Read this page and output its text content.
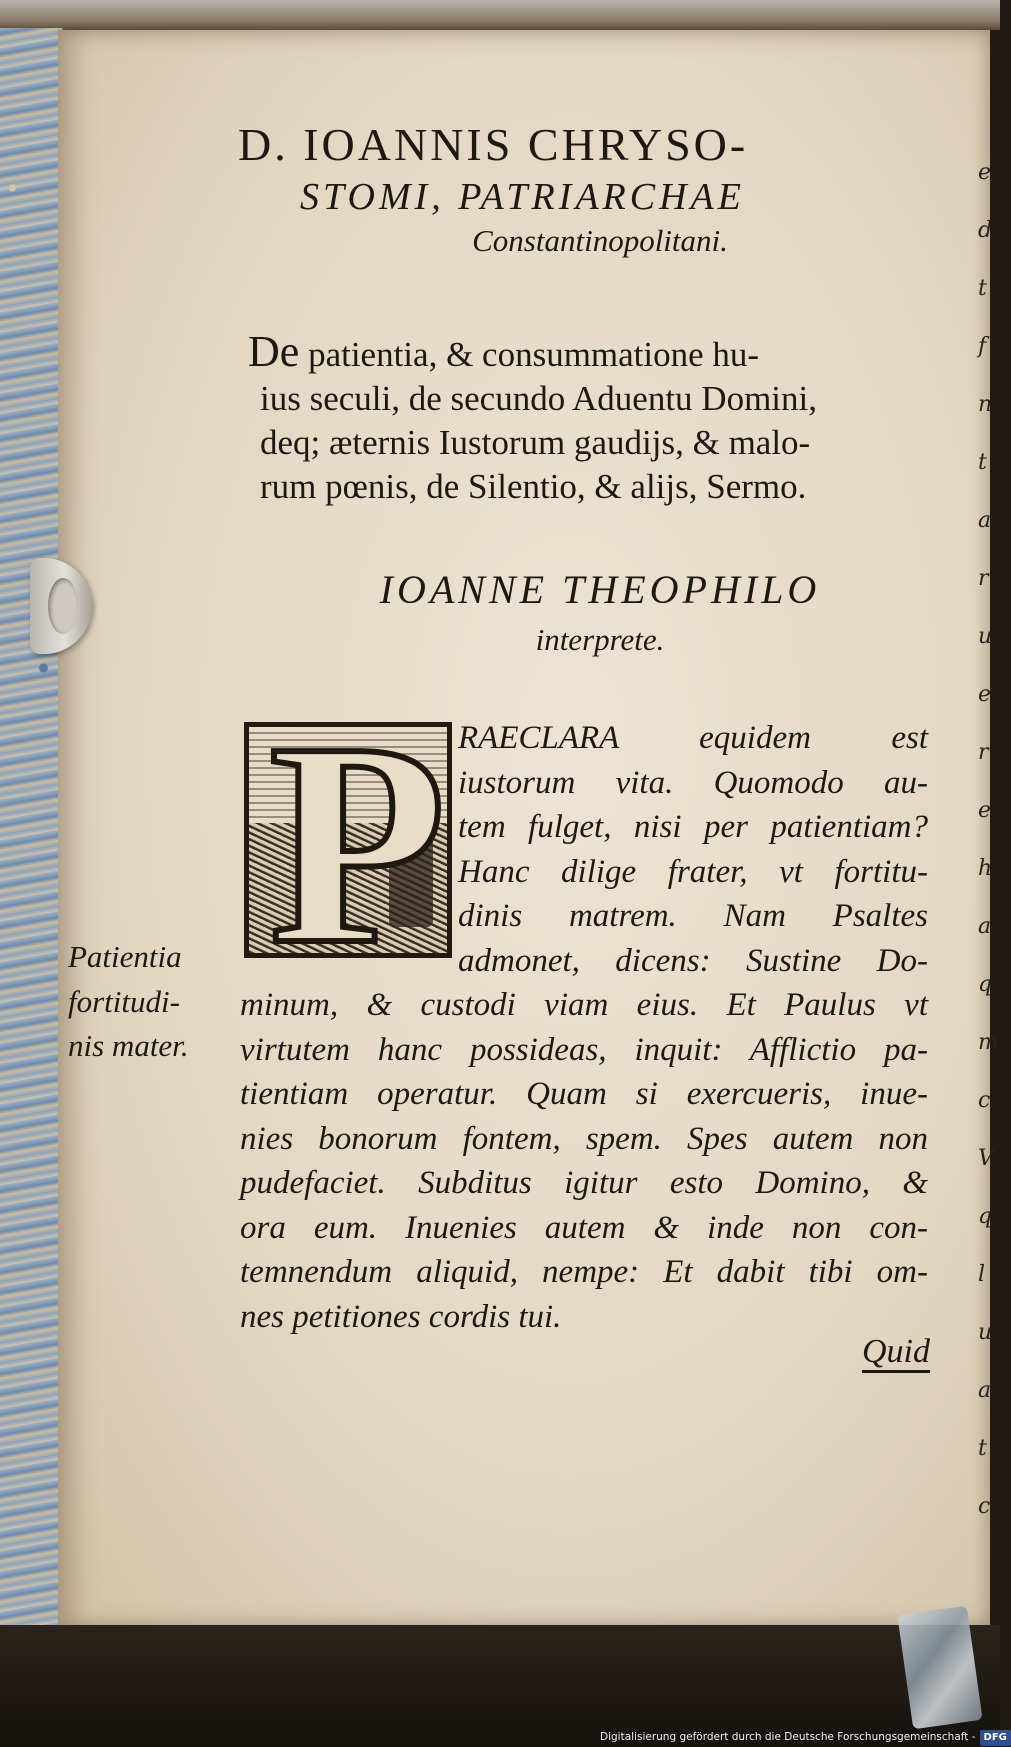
e
d
t
f
n
t
a
r
u
e
r
e
h
a
q
m
c
V
q
l
u
a
t
c
D. IOANNIS CHRYSO-
STOMI, PATRIARCHAE
Constantinopolitani.
De patientia, & consummatione hu-
ius seculi, de secundo Aduentu Domini,
deq; æternis Iustorum gaudijs, & malo-
rum pœnis, de Silentio, & alijs, Sermo.
IOANNE THEOPHILO
interprete.
P RAECLARA equidem est
iustorum vita. Quomodo au-
tem fulget, nisi per patientiam?
Hanc dilige frater, vt fortitu-
dinis matrem. Nam Psaltes
admonet, dicens: Sustine Do-
minum, & custodi viam eius. Et Paulus vt
virtutem hanc possideas, inquit: Afflictio pa-
tientiam operatur. Quam si exercueris, inue-
nies bonorum fontem, spem. Spes autem non
pudefaciet. Subditus igitur esto Domino, &
ora eum. Inuenies autem & inde non con-
temnendum aliquid, nempe: Et dabit tibi om-
nes petitiones cordis tui.
Patientia
fortitudi-
nis mater.
Quid
Digitalisierung gefördert durch die Deutsche Forschungsgemeinschaft - DFG
